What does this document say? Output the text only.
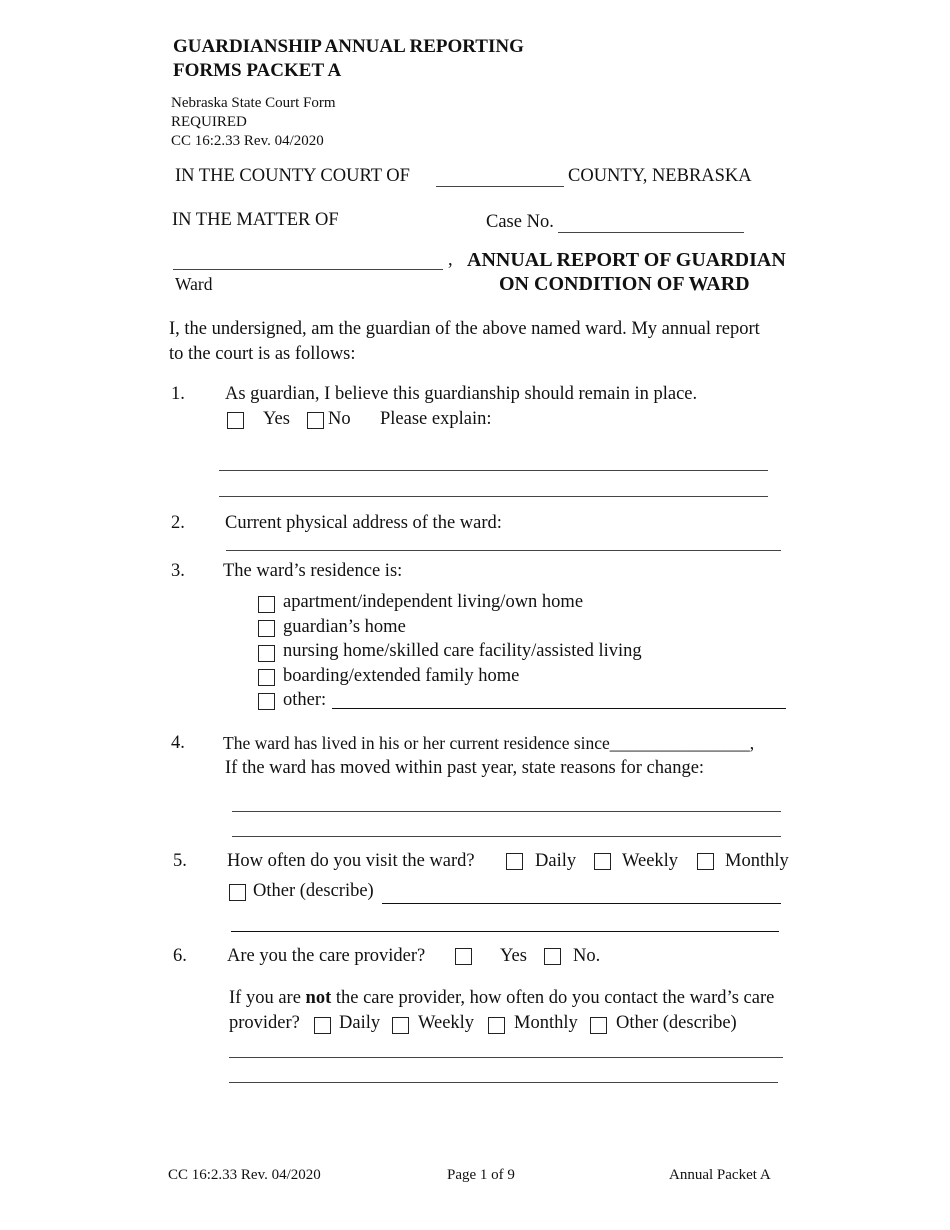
GUARDIANSHIP ANNUAL REPORTING
FORMS PACKET A
Nebraska State Court Form
REQUIRED
CC 16:2.33 Rev. 04/2020
IN THE COUNTY COURT OF	COUNTY, NEBRASKA
IN THE MATTER OF	Case No.
,
Ward
ANNUAL REPORT OF GUARDIAN
ON CONDITION OF WARD
I, the undersigned, am the guardian of the above named ward. My annual report
to the court is as follows:
1. As guardian, I believe this guardianship should remain in place.
Yes No Please explain:
2. Current physical address of the ward:
3. The ward’s residence is:
apartment/independent living/own home
guardian’s home
nursing home/skilled care facility/assisted living
boarding/extended family home
other:
4. The ward has lived in his or her current residence since________________,
If the ward has moved within past year, state reasons for change:
5. How often do you visit the ward?	Daily Weekly	Monthly
Other (describe)
6. Are you the care provider?	Yes No.
If you are not the care provider, how often do you contact the ward’s care
provider? Daily Weekly Monthly Other (describe)
CC 16:2.33 Rev. 04/2020	Page 1 of 9	Annual Packet A
